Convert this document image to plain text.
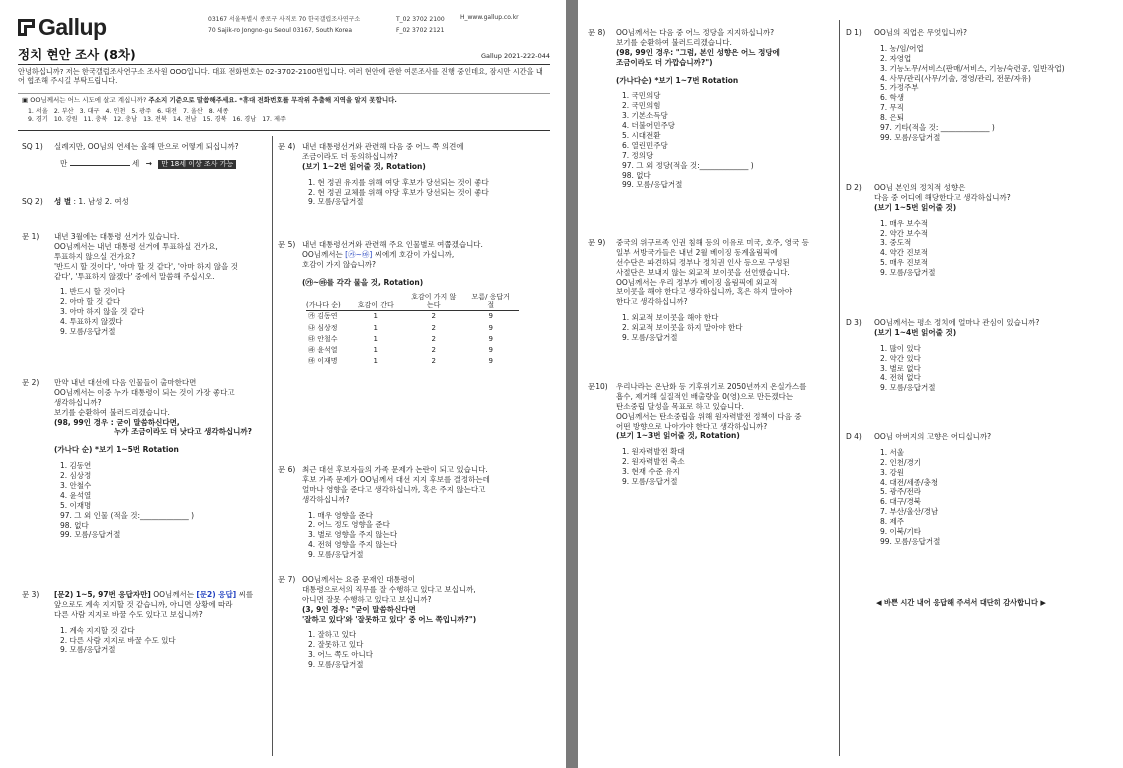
Gallup	03167 서울특별시 종로구 사직로 70 한국갤럽조사연구소
70 Sajik-ro Jongno-gu Seoul 03167, South Korea
T_02 3702 2100
F_02 3702 2121
H_www.gallup.co.kr
정치 현안 조사 (8차)	Gallup 2021-222-044
안녕하십니까? 저는 한국갤럽조사연구소 조사원 OOO입니다. 대표 전화번호는 02-3702-2100번입니다. 여러 현안에 관한 여론조사를 진행 중인데요, 잠시만 시간을 내어 협조해 주시길 부탁드립니다.
▣ OO님께서는 어느 시도에 살고 계십니까? 주소지 기준으로 말씀해주세요. *휴대 전화번호를 무작위 추출해 지역을 알지 못합니다.
1. 서울 2. 부산 3. 대구 4. 인천 5. 광주 6. 대전 7. 울산 8. 세종
9. 경기 10. 강원 11. 충북 12. 충남 13. 전북 14. 전남 15. 경북 16. 경남 17. 제주
SQ 1)	실례지만, OO님의 연세는 올해 만으로 어떻게 되십니까?
만	세 → 만 18세 이상 조사 가능
SQ 2)	성 별 : 1. 남성 2. 여성
문 1)	내년 3월에는 대통령 선거가 있습니다.
OO님께서는 내년 대통령 선거에 투표하실 건가요,
투표하지 않으실 건가요?
'반드시 할 것이다', '아마 할 것 같다', '아마 하지 않을 것
같다', '투표하지 않겠다' 중에서 말씀해 주십시오.
1. 반드시 할 것이다
2. 아마 할 것 같다
3. 아마 하지 않을 것 같다
4. 투표하지 않겠다
9. 모름/응답거절
문 2)	만약 내년 대선에 다음 인물들이 출마한다면
OO님께서는 이중 누가 대통령이 되는 것이 가장 좋다고
생각하십니까?
보기를 순환하여 불러드리겠습니다.
(98, 99인 경우 : 굳이 말씀하신다면,
누가 조금이라도 더 낫다고 생각하십니까?
(가나다 순) *보기 1~5번 Rotation
1. 김동연
2. 심상정
3. 안철수
4. 윤석열
5. 이재명
97. 그 외 인물 (적을 것:_____________ )
98. 없다
99. 모름/응답거절
문 3)	[문2) 1~5, 97번 응답자만] OO님께서는 [문2) 응답] 씨를
앞으로도 계속 지지할 것 같습니까, 아니면 상황에 따라
다른 사람 지지로 바꿀 수도 있다고 보십니까?
1. 계속 지지할 것 같다
2. 다른 사람 지지로 바꿀 수도 있다
9. 모름/응답거절
문 4) 내년 대통령선거와 관련해 다음 중 어느 쪽 의견에
조금이라도 더 동의하십니까?
(보기 1~2번 읽어줄 것, Rotation)
1. 현 정권 유지를 위해 여당 후보가 당선되는 것이 좋다
2. 현 정권 교체를 위해 야당 후보가 당선되는 것이 좋다
9. 모름/응답거절
문 5) 내년 대통령선거와 관련해 주요 인물별로 여쭙겠습니다.
OO님께서는 [㉮~㉲] 씨에게 호감이 가십니까,
호감이 가지 않습니까?
(㉮~㉲를 각각 물을 것, Rotation)
(가나다 순)	호감이 간다	호감이 가지 않는다	모름/ 응답거절
㉮ 김동연	1	2	9
㉯ 심상정	1	2	9
㉰ 안철수	1	2	9
㉱ 윤석열	1	2	9
㉲ 이재명	1	2	9
문 6) 최근 대선 후보자들의 가족 문제가 논란이 되고 있습니다.
후보 가족 문제가 OO님께서 대선 지지 후보를 결정하는데
얼마나 영향을 준다고 생각하십니까, 혹은 주지 않는다고
생각하십니까?
1. 매우 영향을 준다
2. 어느 정도 영향을 준다
3. 별로 영향을 주지 않는다
4. 전혀 영향을 주지 않는다
9. 모름/응답거절
문 7) OO님께서는 요즘 문재인 대통령이
대통령으로서의 직무를 잘 수행하고 있다고 보십니까,
아니면 잘못 수행하고 있다고 보십니까?
(3, 9인 경우: "굳이 말씀하신다면
'잘하고 있다'와 '잘못하고 있다' 중 어느 쪽입니까?")
1. 잘하고 있다
2. 잘못하고 있다
3. 어느 쪽도 아니다
9. 모름/응답거절
문 8)	OO님께서는 다음 중 어느 정당을 지지하십니까?
보기를 순환하여 불러드리겠습니다.
(98, 99인 경우: "그럼, 본인 성향은 어느 정당에
조금이라도 더 가깝습니까?")
(가나다순) *보기 1~7번 Rotation
1. 국민의당
2. 국민의힘
3. 기본소득당
4. 더불어민주당
5. 시대전환
6. 열린민주당
7. 정의당
97. 그 외 정당(적을 것:_____________ )
98. 없다
99. 모름/응답거절
문 9)	중국의 위구르족 인권 침해 등의 이유로 미국, 호주, 영국 등
일부 서방국가들은 내년 2월 베이징 동계올림픽에
선수단은 파견하되 정부나 정치권 인사 등으로 구성된
사절단은 보내지 않는 외교적 보이콧을 선언했습니다.
OO님께서는 우리 정부가 베이징 올림픽에 외교적
보이콧을 해야 한다고 생각하십니까, 혹은 하지 말아야
한다고 생각하십니까?
1. 외교적 보이콧을 해야 한다
2. 외교적 보이콧을 하지 말아야 한다
9. 모름/응답거절
문10)	우리나라는 온난화 등 기후위기로 2050년까지 온실가스를
흡수, 제거해 실질적인 배출량을 0(영)으로 만든겠다는
탄소중립 달성을 목표로 하고 있습니다.
OO님께서는 탄소중립을 위해 원자력발전 정책이 다음 중
어떤 방향으로 나아가야 한다고 생각하십니까?
(보기 1~3번 읽어줄 것, Rotation)
1. 원자력발전 확대
2. 원자력발전 축소
3. 현재 수준 유지
9. 모름/응답거절
D 1)	OO님의 직업은 무엇입니까?
1. 농/임/어업
2. 자영업
3. 기능노무/서비스(판매/서비스, 기능/숙련공, 일반작업)
4. 사무/관리(사무/기술, 경영/관리, 전문/자유)
5. 가정주부
6. 학생
7. 무직
8. 은퇴
97. 기타(적을 것: _____________ )
99. 모름/응답거절
D 2)	OO님 본인의 정치적 성향은
다음 중 어디에 해당한다고 생각하십니까?
(보기 1~5번 읽어줄 것)
1. 매우 보수적
2. 약간 보수적
3. 중도적
4. 약간 진보적
5. 매우 진보적
9. 모름/응답거절
D 3)	OO님께서는 평소 정치에 얼마나 관심이 있습니까?
(보기 1~4번 읽어줄 것)
1. 많이 있다
2. 약간 있다
3. 별로 없다
4. 전혀 없다
9. 모름/응답거절
D 4)	OO님 아버지의 고향은 어디십니까?
1. 서울
2. 인천/경기
3. 강원
4. 대전/세종/충청
5. 광주/전라
6. 대구/경북
7. 부산/울산/경남
8. 제주
9. 이북/기타
99. 모름/응답거절
◀ 바쁜 시간 내어 응답해 주셔서 대단히 감사합니다 ▶
